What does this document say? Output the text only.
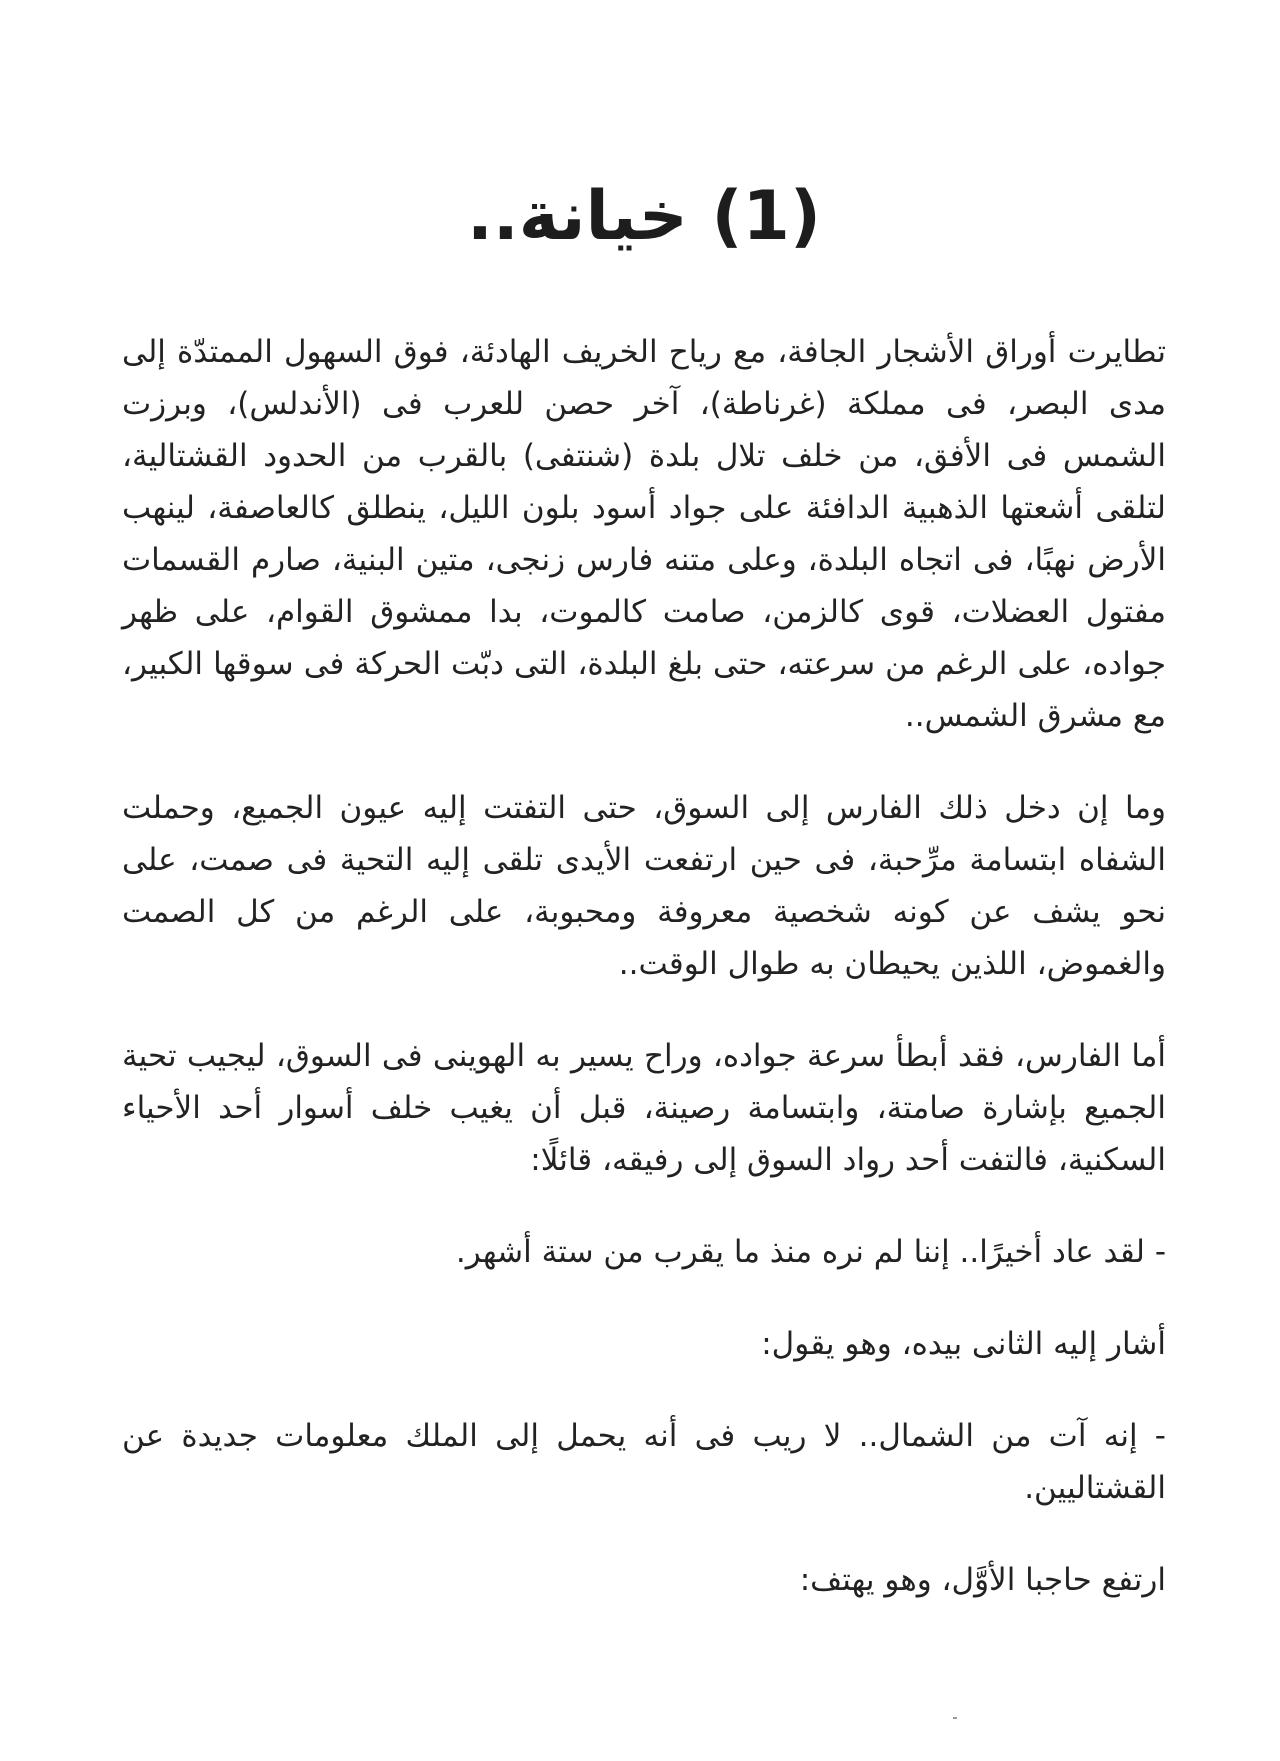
(1) خيانة..

تطايرت أوراق الأشجار الجافة، مع رياح الخريف الهادئة، فوق السهول الممتدّة إلى مدى البصر، فى مملكة (غرناطة)، آخر حصن للعرب فى (الأندلس)، وبرزت الشمس فى الأفق، من خلف تلال بلدة (شنتفى) بالقرب من الحدود القشتالية، لتلقى أشعتها الذهبية الدافئة على جواد أسود بلون الليل، ينطلق كالعاصفة، لينهب الأرض نهبًا، فى اتجاه البلدة، وعلى متنه فارس زنجى، متين البنية، صارم القسمات مفتول العضلات، قوى كالزمن، صامت كالموت، بدا ممشوق القوام، على ظهر جواده، على الرغم من سرعته، حتى بلغ البلدة، التى دبّت الحركة فى سوقها الكبير، مع مشرق الشمس..

وما إن دخل ذلك الفارس إلى السوق، حتى التفتت إليه عيون الجميع، وحملت الشفاه ابتسامة مرِّحبة، فى حين ارتفعت الأيدى تلقى إليه التحية فى صمت، على نحو يشف عن كونه شخصية معروفة ومحبوبة، على الرغم من كل الصمت والغموض، اللذين يحيطان به طوال الوقت..

أما الفارس، فقد أبطأ سرعة جواده، وراح يسير به الهوينى فى السوق، ليجيب تحية الجميع بإشارة صامتة، وابتسامة رصينة، قبل أن يغيب خلف أسوار أحد الأحياء السكنية، فالتفت أحد رواد السوق إلى رفيقه، قائلًا:

- لقد عاد أخيرًا.. إننا لم نره منذ ما يقرب من ستة أشهر.

أشار إليه الثانى بيده، وهو يقول:

- إنه آت من الشمال.. لا ريب فى أنه يحمل إلى الملك معلومات جديدة عن القشتاليين.

ارتفع حاجبا الأوَّل، وهو يهتف:
